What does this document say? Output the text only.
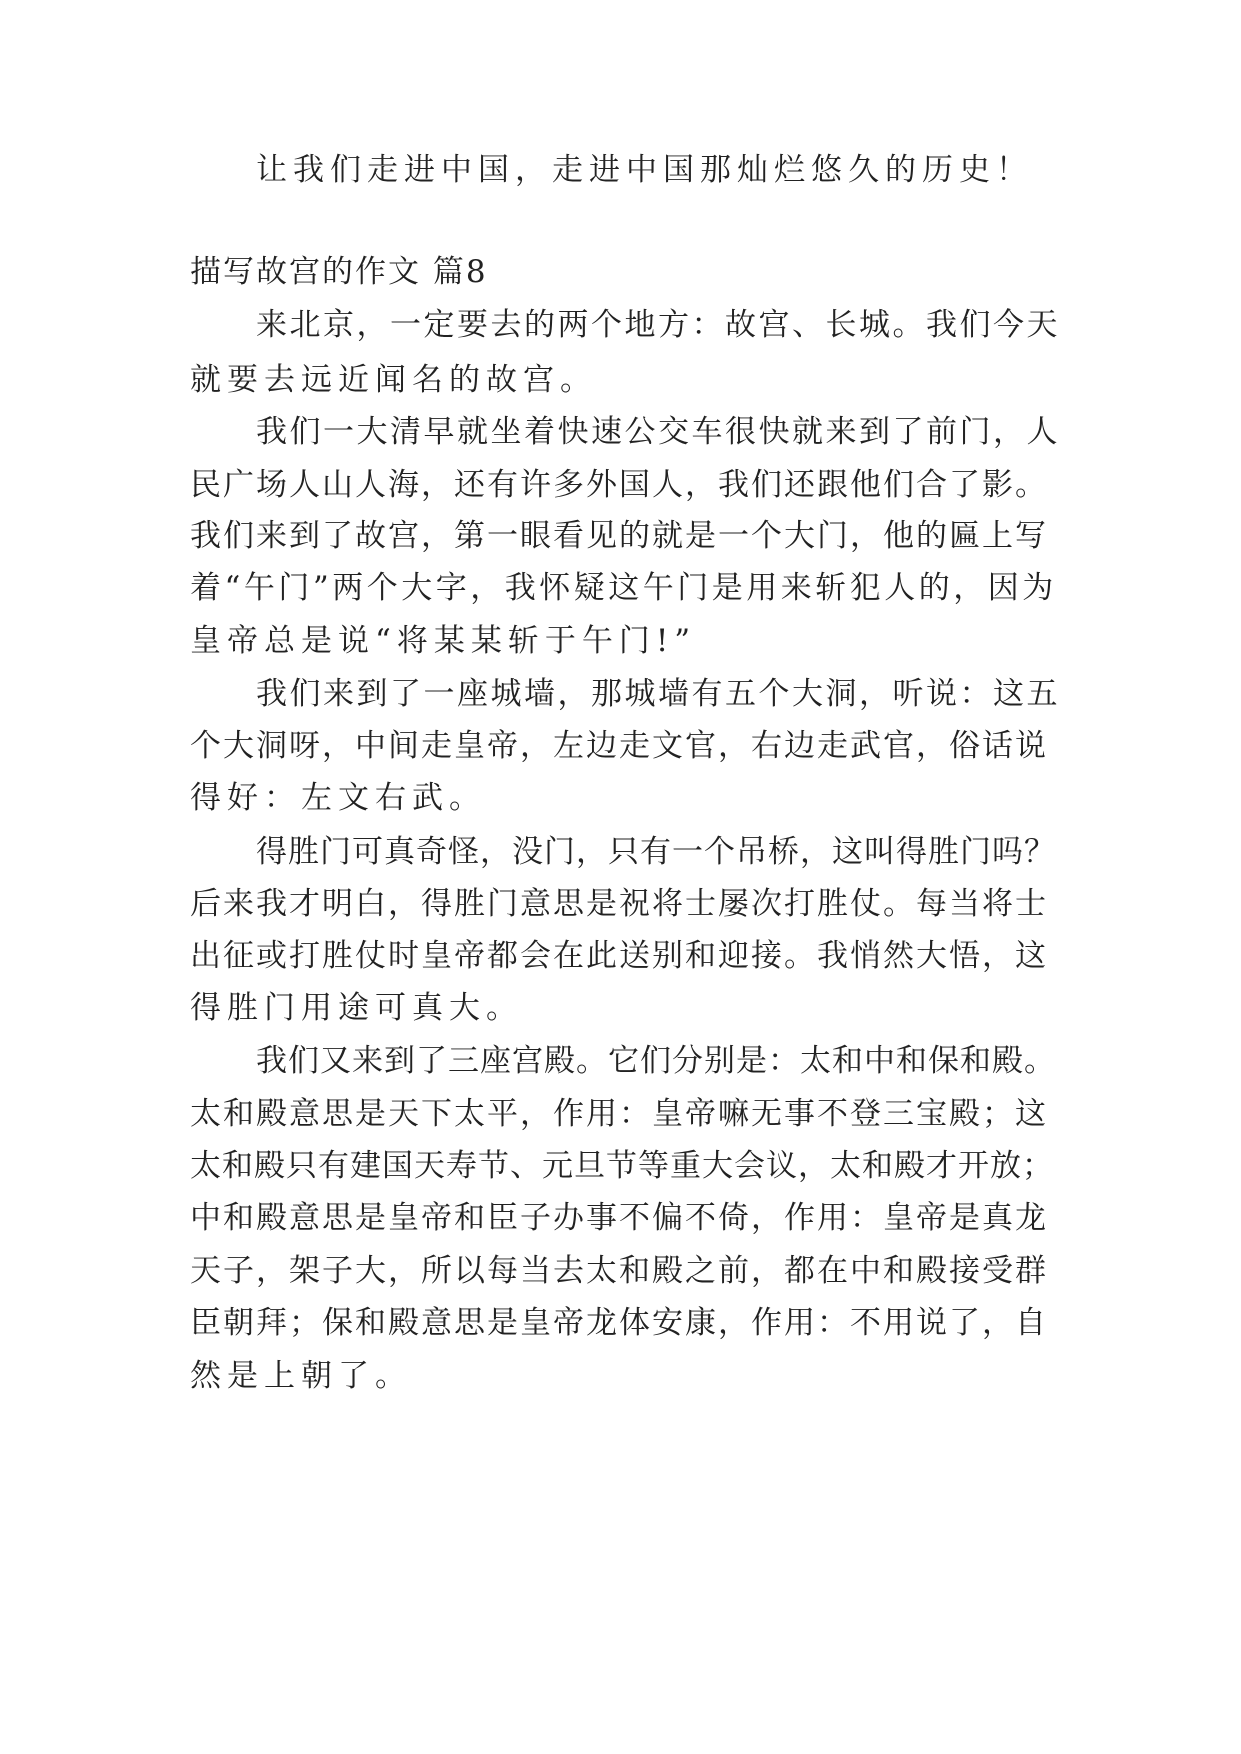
让我们走进中国，走进中国那灿烂悠久的历史！
描写故宫的作文 篇8
来北京，一定要去的两个地方：故宫、长城。我们今天
就要去远近闻名的故宫。
我们一大清早就坐着快速公交车很快就来到了前门，人
民广场人山人海，还有许多外国人，我们还跟他们合了影。
我们来到了故宫，第一眼看见的就是一个大门，他的匾上写
着“午门”两个大字，我怀疑这午门是用来斩犯人的，因为
皇帝总是说“将某某斩于午门!”
我们来到了一座城墙，那城墙有五个大洞，听说：这五
个大洞呀，中间走皇帝，左边走文官，右边走武官，俗话说
得好：左文右武。
得胜门可真奇怪，没门，只有一个吊桥，这叫得胜门吗？
后来我才明白，得胜门意思是祝将士屡次打胜仗。每当将士
出征或打胜仗时皇帝都会在此送别和迎接。我悄然大悟，这
得胜门用途可真大。
我们又来到了三座宫殿。它们分别是：太和中和保和殿。
太和殿意思是天下太平，作用：皇帝嘛无事不登三宝殿；这
太和殿只有建国天寿节、元旦节等重大会议，太和殿才开放；
中和殿意思是皇帝和臣子办事不偏不倚，作用：皇帝是真龙
天子，架子大，所以每当去太和殿之前，都在中和殿接受群
臣朝拜；保和殿意思是皇帝龙体安康，作用：不用说了，自
然是上朝了。
